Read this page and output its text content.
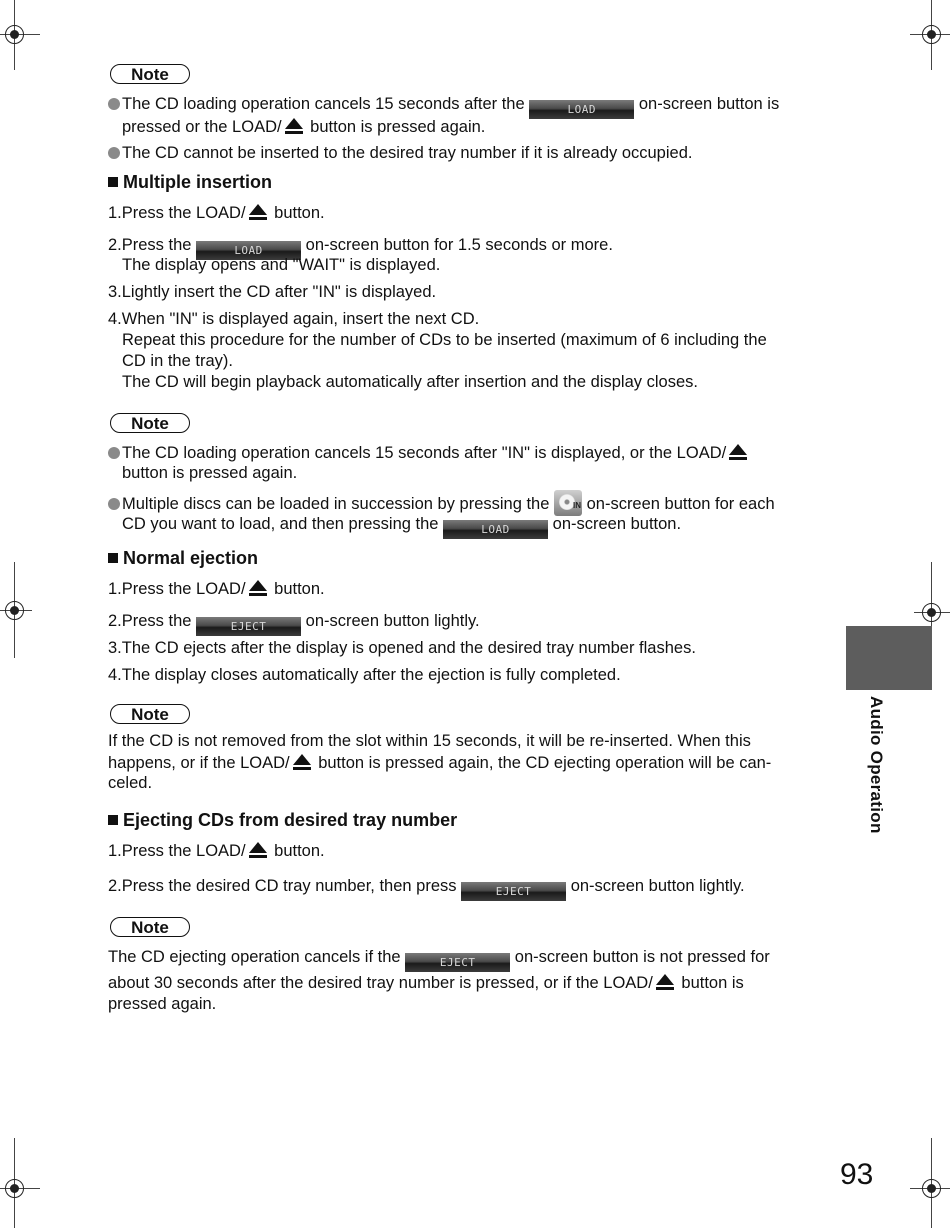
Note
The CD loading operation cancels 15 seconds after the	LOAD	on-screen button is
pressed or the LOAD/ button is pressed again.
The CD cannot be inserted to the desired tray number if it is already occupied.
Multiple insertion
1.Press the LOAD/ button.
2.Press the	LOAD	on-screen button for 1.5 seconds or more.
The display opens and "WAIT" is displayed.
3.Lightly insert the CD after "IN" is displayed.
4.When "IN" is displayed again, insert the next CD.
Repeat this procedure for the number of CDs to be inserted (maximum of 6 including the
CD in the tray).
The CD will begin playback automatically after insertion and the display closes.
Note
The CD loading operation cancels 15 seconds after "IN" is displayed, or the LOAD/
button is pressed again.
Multiple discs can be loaded in succession by pressing the	IN on-screen button for each
CD you want to load, and then pressing the	LOAD	on-screen button.
Normal ejection
1.Press the LOAD/ button.
2.Press the	EJECT on-screen button lightly.
3.The CD ejects after the display is opened and the desired tray number flashes.
4.The display closes automatically after the ejection is fully completed.
Note
If the CD is not removed from the slot within 15 seconds, it will be re-inserted. When this
happens, or if the LOAD/ button is pressed again, the CD ejecting operation will be can-
celed.
Ejecting CDs from desired tray number
1.Press the LOAD/ button.
2.Press the desired CD tray number, then press	EJECT on-screen button lightly.
Note
The CD ejecting operation cancels if the	EJECT on-screen button is not pressed for
about 30 seconds after the desired tray number is pressed, or if the LOAD/ button is
pressed again.
Audio Operation
93
